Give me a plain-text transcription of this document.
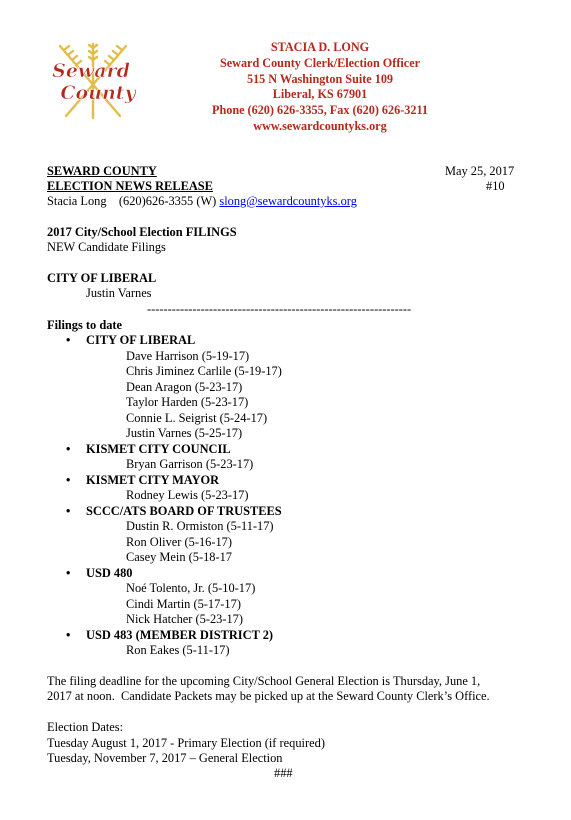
Seward
County
STACIA D. LONG
Seward County Clerk/Election Officer
515 N Washington Suite 109
Liberal, KS 67901
Phone (620) 626-3355, Fax (620) 626-3211
www.sewardcountyks.org
SEWARD COUNTY
ELECTION NEWS RELEASE
May 25, 2017
#10
Stacia Long    (620)626-3355 (W) slong@sewardcountyks.org
2017 City/School Election FILINGS
NEW Candidate Filings
CITY OF LIBERAL
Justin Varnes
----------------------------------------------------------------
Filings to date
• CITY OF LIBERAL
Dave Harrison (5-19-17)
Chris Jiminez Carlile (5-19-17)
Dean Aragon (5-23-17)
Taylor Harden (5-23-17)
Connie L. Seigrist (5-24-17)
Justin Varnes (5-25-17)
• KISMET CITY COUNCIL
Bryan Garrison (5-23-17)
• KISMET CITY MAYOR
Rodney Lewis (5-23-17)
• SCCC/ATS BOARD OF TRUSTEES
Dustin R. Ormiston (5-11-17)
Ron Oliver (5-16-17)
Casey Mein (5-18-17
• USD 480
Noé Tolento, Jr. (5-10-17)
Cindi Martin (5-17-17)
Nick Hatcher (5-23-17)
• USD 483 (MEMBER DISTRICT 2)
Ron Eakes (5-11-17)
The filing deadline for the upcoming City/School General Election is Thursday, June 1,
2017 at noon.  Candidate Packets may be picked up at the Seward County Clerk’s Office.
Election Dates:
Tuesday August 1, 2017 - Primary Election (if required)
Tuesday, November 7, 2017 – General Election
###
